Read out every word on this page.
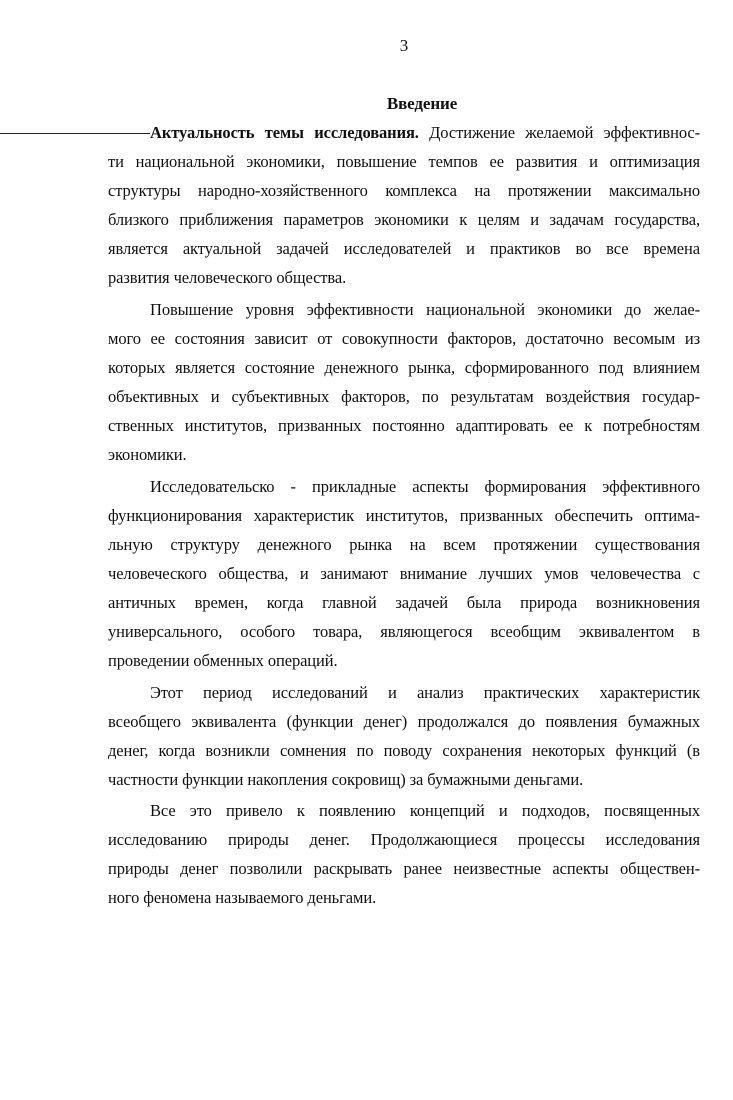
3
Введение
Актуальность темы исследования. Достижение желаемой эффективнос-
ти национальной экономики, повышение темпов ее развития и оптимизация
структуры народно-хозяйственного комплекса на протяжении максимально
близкого приближения параметров экономики к целям и задачам государства,
является актуальной задачей исследователей и практиков во все времена
развития человеческого общества.
Повышение уровня эффективности национальной экономики до желае-
мого ее состояния зависит от совокупности факторов, достаточно весомым из
которых является состояние денежного рынка, сформированного под влиянием
объективных и субъективных факторов, по результатам воздействия государ-
ственных институтов, призванных постоянно адаптировать ее к потребностям
экономики.
Исследовательско - прикладные аспекты формирования эффективного
функционирования характеристик институтов, призванных обеспечить оптима-
льную структуру денежного рынка на всем протяжении существования
человеческого общества, и занимают внимание лучших умов человечества с
античных времен, когда главной задачей была природа возникновения
универсального, особого товара, являющегося всеобщим эквивалентом в
проведении обменных операций.
Этот период исследований и анализ практических характеристик
всеобщего эквивалента (функции денег) продолжался до появления бумажных
денег, когда возникли сомнения по поводу сохранения некоторых функций (в
частности функции накопления сокровищ) за бумажными деньгами.
Все это привело к появлению концепций и подходов, посвященных
исследованию природы денег. Продолжающиеся процессы исследования
природы денег позволили раскрывать ранее неизвестные аспекты обществен-
ного феномена называемого деньгами.
